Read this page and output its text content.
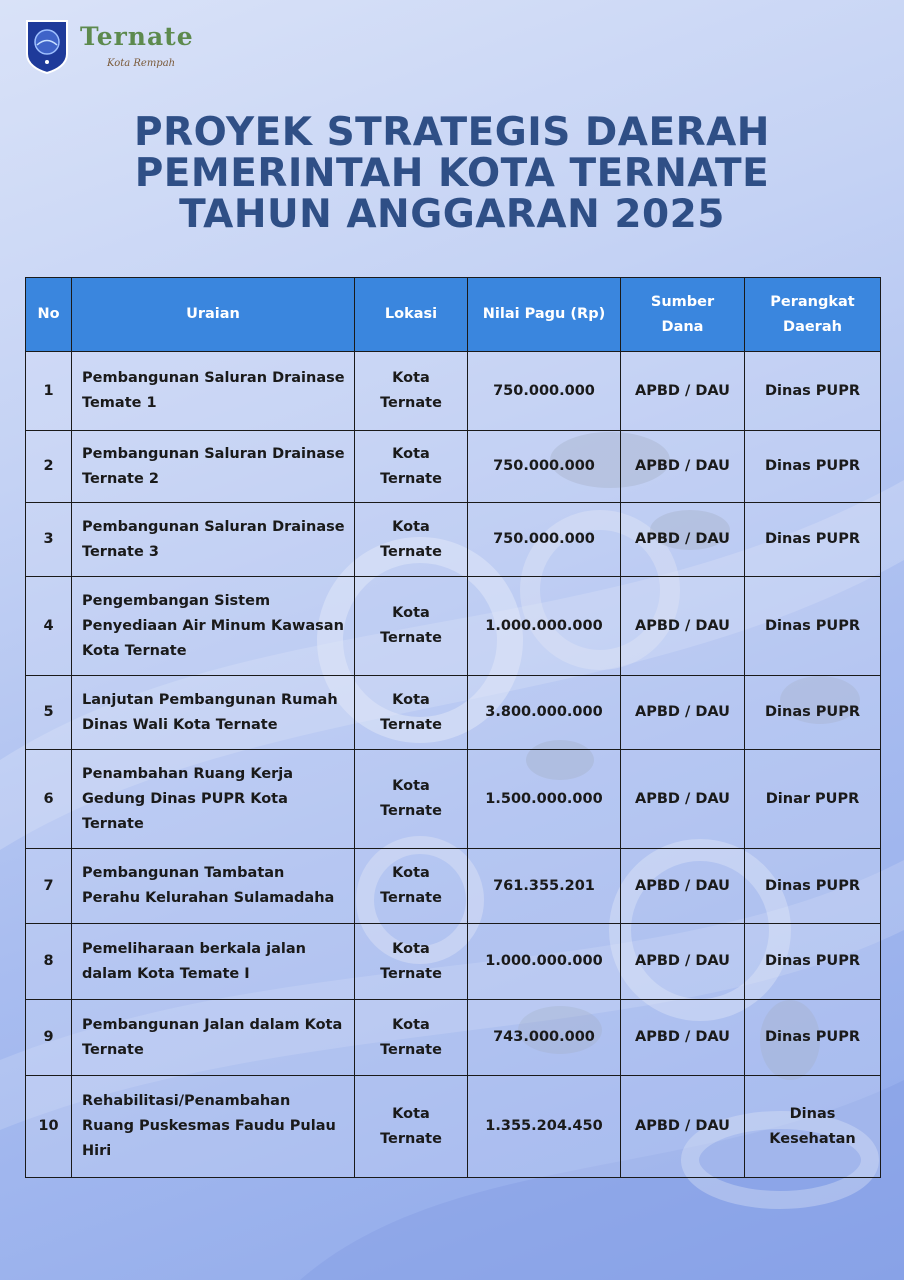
Ternate
Kota Rempah
PROYEK STRATEGIS DAERAH
PEMERINTAH KOTA TERNATE
TAHUN ANGGARAN 2025
No	Uraian	Lokasi	Nilai Pagu (Rp)	Sumber Dana	Perangkat Daerah
1	Pembangunan Saluran Drainase Temate 1	Kota Ternate	750.000.000	APBD / DAU	Dinas PUPR
2	Pembangunan Saluran Drainase Ternate 2	Kota Ternate	750.000.000	APBD / DAU	Dinas PUPR
3	Pembangunan Saluran Drainase Ternate 3	Kota Ternate	750.000.000	APBD / DAU	Dinas PUPR
4	Pengembangan Sistem Penyediaan Air Minum Kawasan Kota Ternate	Kota Ternate	1.000.000.000	APBD / DAU	Dinas PUPR
5	Lanjutan Pembangunan Rumah Dinas Wali Kota Ternate	Kota Ternate	3.800.000.000	APBD / DAU	Dinas PUPR
6	Penambahan Ruang Kerja Gedung Dinas PUPR Kota Ternate	Kota Ternate	1.500.000.000	APBD / DAU	Dinar PUPR
7	Pembangunan Tambatan Perahu Kelurahan Sulamadaha	Kota Ternate	761.355.201	APBD / DAU	Dinas PUPR
8	Pemeliharaan berkala jalan dalam Kota Temate I	Kota Ternate	1.000.000.000	APBD / DAU	Dinas PUPR
9	Pembangunan Jalan dalam Kota Ternate	Kota Ternate	743.000.000	APBD / DAU	Dinas PUPR
10	Rehabilitasi/Penambahan Ruang Puskesmas Faudu Pulau Hiri	Kota Ternate	1.355.204.450	APBD / DAU	Dinas Kesehatan
